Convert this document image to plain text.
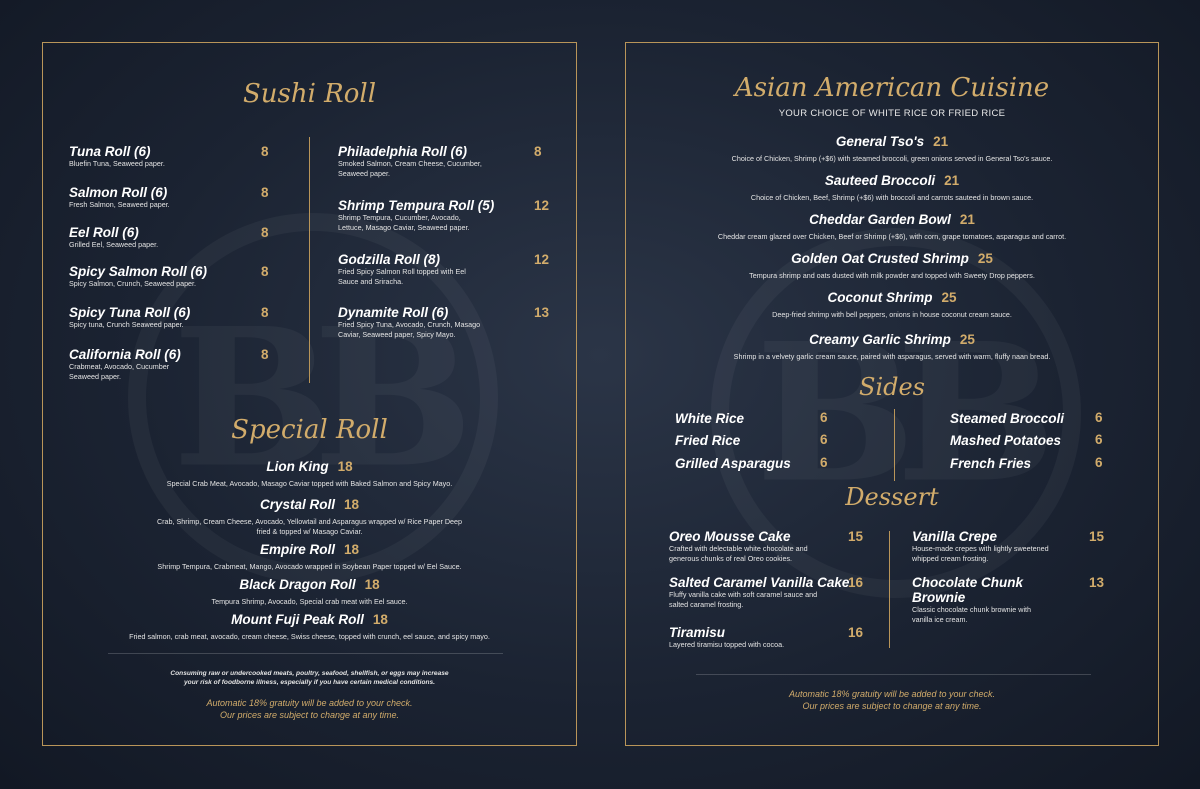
Sushi Roll
Tuna Roll (6)
Bluefin Tuna, Seaweed paper.
8
Salmon Roll (6)
Fresh Salmon, Seaweed paper.
8
Eel Roll (6)
Grilled Eel, Seaweed paper.
8
Spicy Salmon Roll (6)
Spicy Salmon, Crunch, Seaweed paper.
8
Spicy Tuna Roll (6)
Spicy tuna, Crunch Seaweed paper.
8
California Roll (6)
Crabmeat, Avocado, Cucumber Seaweed paper.
8
Philadelphia Roll (6)
Smoked Salmon, Cream Cheese, Cucumber, Seaweed paper.
8
Shrimp Tempura Roll (5)
Shrimp Tempura, Cucumber, Avocado, Lettuce, Masago Caviar, Seaweed paper.
12
Godzilla Roll (8)
Fried Spicy Salmon Roll topped with Eel Sauce and Sriracha.
12
Dynamite Roll (6)
Fried Spicy Tuna, Avocado, Crunch, Masago Caviar, Seaweed paper, Spicy Mayo.
13
Special Roll
Lion King 18
Special Crab Meat, Avocado, Masago Caviar topped with Baked Salmon and Spicy Mayo.
Crystal Roll 18
Crab, Shrimp, Cream Cheese, Avocado, Yellowtail and Asparagus wrapped w/ Rice Paper Deep fried & topped w/ Masago Caviar.
Empire Roll 18
Shrimp Tempura, Crabmeat, Mango, Avocado wrapped in Soybean Paper topped w/ Eel Sauce.
Black Dragon Roll 18
Tempura Shrimp, Avocado, Special crab meat with Eel sauce.
Mount Fuji Peak Roll 18
Fried salmon, crab meat, avocado, cream cheese, Swiss cheese, topped with crunch, eel sauce, and spicy mayo.
Consuming raw or undercooked meats, poultry, seafood, shellfish, or eggs may increase
your risk of foodborne illness, especially if you have certain medical conditions.
Automatic 18% gratuity will be added to your check.
Our prices are subject to change at any time.
Asian American Cuisine
YOUR CHOICE OF WHITE RICE OR FRIED RICE
General Tso's 21
Choice of Chicken, Shrimp (+$6) with steamed broccoli, green onions served in General Tso's sauce.
Sauteed Broccoli 21
Choice of Chicken, Beef, Shrimp (+$6) with broccoli and carrots sauteed in brown sauce.
Cheddar Garden Bowl 21
Cheddar cream glazed over Chicken, Beef or Shrimp (+$6), with corn, grape tomatoes, asparagus and carrot.
Golden Oat Crusted Shrimp 25
Tempura shrimp and oats dusted with milk powder and topped with Sweety Drop peppers.
Coconut Shrimp 25
Deep-fried shrimp with bell peppers, onions in house coconut cream sauce.
Creamy Garlic Shrimp 25
Shrimp in a velvety garlic cream sauce, paired with asparagus, served with warm, fluffy naan bread.
Sides
White Rice	6
Fried Rice	6
Grilled Asparagus 6
Steamed Broccoli 6
Mashed Potatoes	6
French Fries	6
Dessert
Oreo Mousse Cake
Crafted with delectable white chocolate and generous chunks of real Oreo cookies.
15
Salted Caramel Vanilla Cake
Fluffy vanilla cake with soft caramel sauce and salted caramel frosting.
16
Tiramisu
Layered tiramisu topped with cocoa.
16
Vanilla Crepe
House-made crepes with lightly sweetened whipped cream frosting.
15
Chocolate Chunk Brownie
Classic chocolate chunk brownie with vanilla ice cream.
13
Automatic 18% gratuity will be added to your check.
Our prices are subject to change at any time.
